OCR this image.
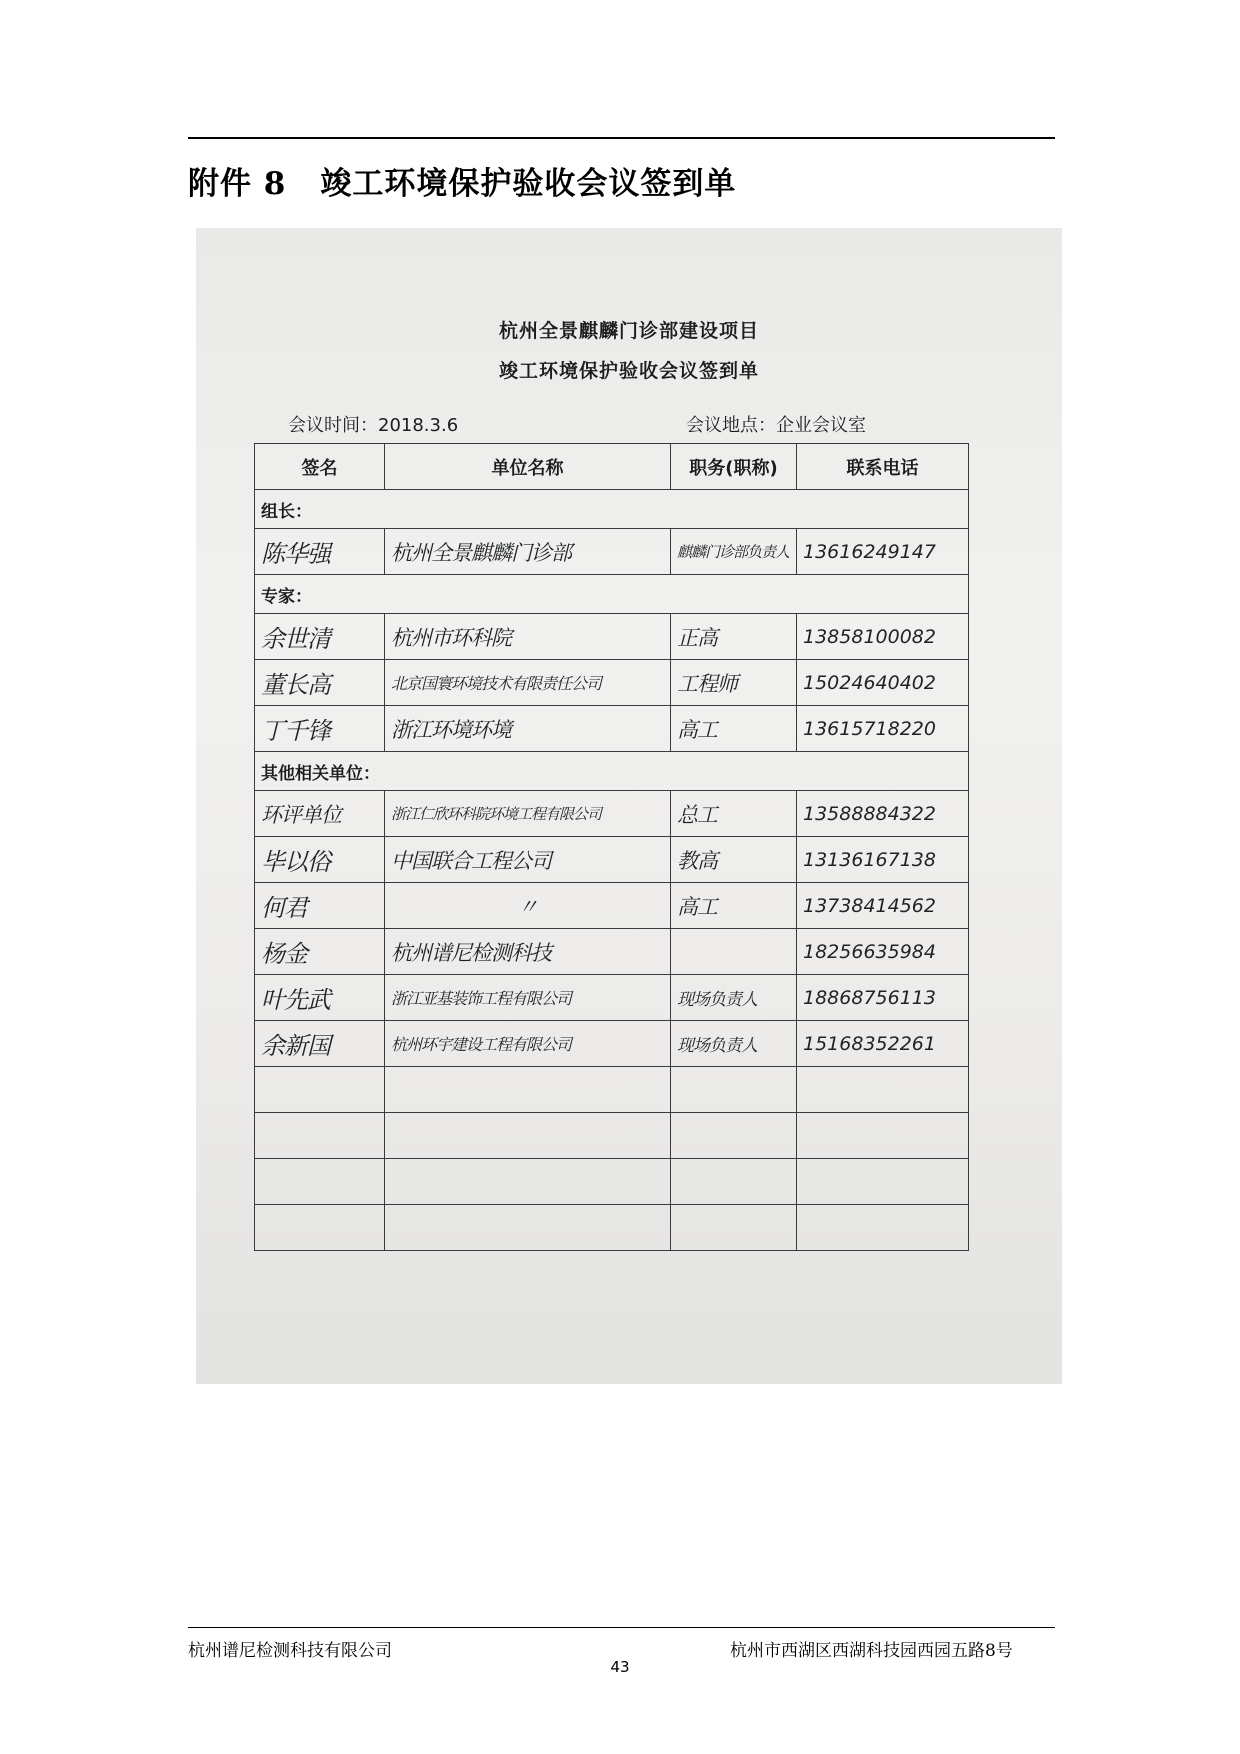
附件 8 竣工环境保护验收会议签到单
杭州全景麒麟门诊部建设项目
竣工环境保护验收会议签到单
会议时间：2018.3.6	会议地点：企业会议室
签名	单位名称	职务(职称)	联系电话
组长：			
陈华强	杭州全景麒麟门诊部	麒麟门诊部负责人	13616249147
专家：			
余世清	杭州市环科院	正高	13858100082
董长高	北京国寰环境技术有限责任公司	工程师	15024640402
丁千锋	浙江环境环境	高工	13615718220
其他相关单位：			
环评单位	浙江仁欣环科院环境工程有限公司	总工	13588884322
毕以俗	中国联合工程公司	教高	13136167138
何君	〃	高工	13738414562
杨金	杭州谱尼检测科技		18256635984
叶先武	浙江亚基装饰工程有限公司	现场负责人	18868756113
余新国	杭州环宇建设工程有限公司	现场负责人	15168352261

杭州谱尼检测科技有限公司	杭州市西湖区西湖科技园西园五路8号
43
